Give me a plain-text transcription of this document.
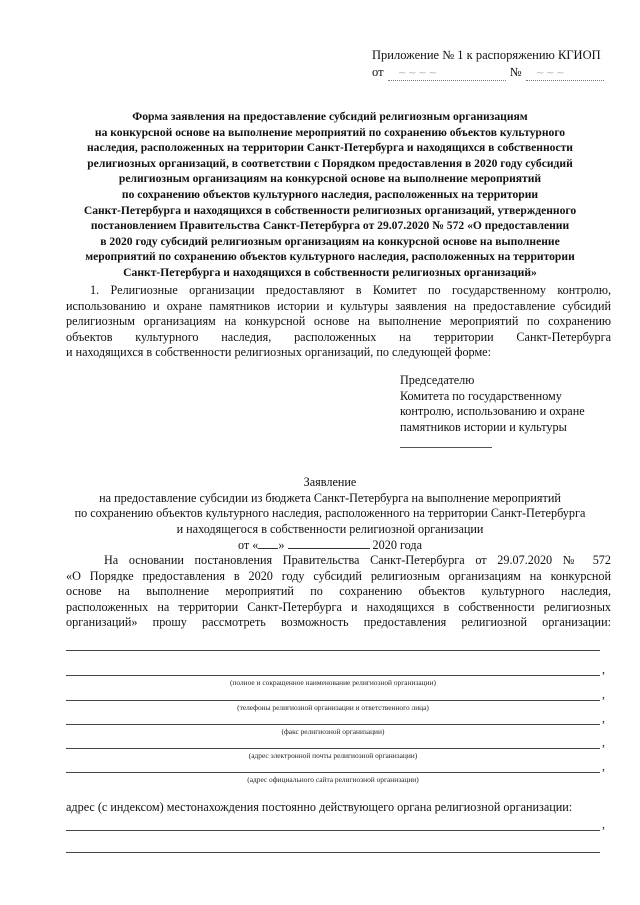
Приложение № 1 к распоряжению КГИОП
от ~~~~	№ ~~~
Форма заявления на предоставление субсидий религиозным организациям
на конкурсной основе на выполнение мероприятий по сохранению объектов культурного
наследия, расположенных на территории Санкт-Петербурга и находящихся в собственности
религиозных организаций, в соответствии с Порядком предоставления в 2020 году субсидий
религиозным организациям на конкурсной основе на выполнение мероприятий
по сохранению объектов культурного наследия, расположенных на территории
Санкт-Петербурга и находящихся в собственности религиозных организаций, утвержденного
постановлением Правительства Санкт-Петербурга от 29.07.2020 № 572 «О предоставлении
в 2020 году субсидий религиозным организациям на конкурсной основе на выполнение
мероприятий по сохранению объектов культурного наследия, расположенных на территории
Санкт-Петербурга и находящихся в собственности религиозных организаций»
1. Религиозные организации предоставляют в Комитет по государственному контролю,
использованию и охране памятников истории и культуры заявления на предоставление субсидий
религиозным организациям на конкурсной основе на выполнение мероприятий по сохранению
объектов культурного наследия, расположенных на территории Санкт-Петербурга
и находящихся в собственности религиозных организаций, по следующей форме:
Председателю
Комитета по государственному
контролю, использованию и охране
памятников истории и культуры
Заявление
на предоставление субсидии из бюджета Санкт-Петербурга на выполнение мероприятий
по сохранению объектов культурного наследия, расположенного на территории Санкт-Петербурга
и находящегося в собственности религиозной организации
от « »	2020 года
На основании постановления Правительства Санкт-Петербурга от 29.07.2020 № 572
«О Порядке предоставления в 2020 году субсидий религиозным организациям на конкурсной
основе на выполнение мероприятий по сохранению объектов культурного наследия,
расположенных на территории Санкт-Петербурга и находящихся в собственности религиозных
организаций» прошу рассмотреть возможность предоставления религиозной организации:
,
(полное и сокращенное наименование религиозной организации)
,
(телефоны религиозной организации и ответственного лица)
,
(факс религиозной организации)
,
(адрес электронной почты религиозной организации)
,
(адрес официального сайта религиозной организации)
адрес (с индексом) местонахождения постоянно действующего органа религиозной организации:
,
